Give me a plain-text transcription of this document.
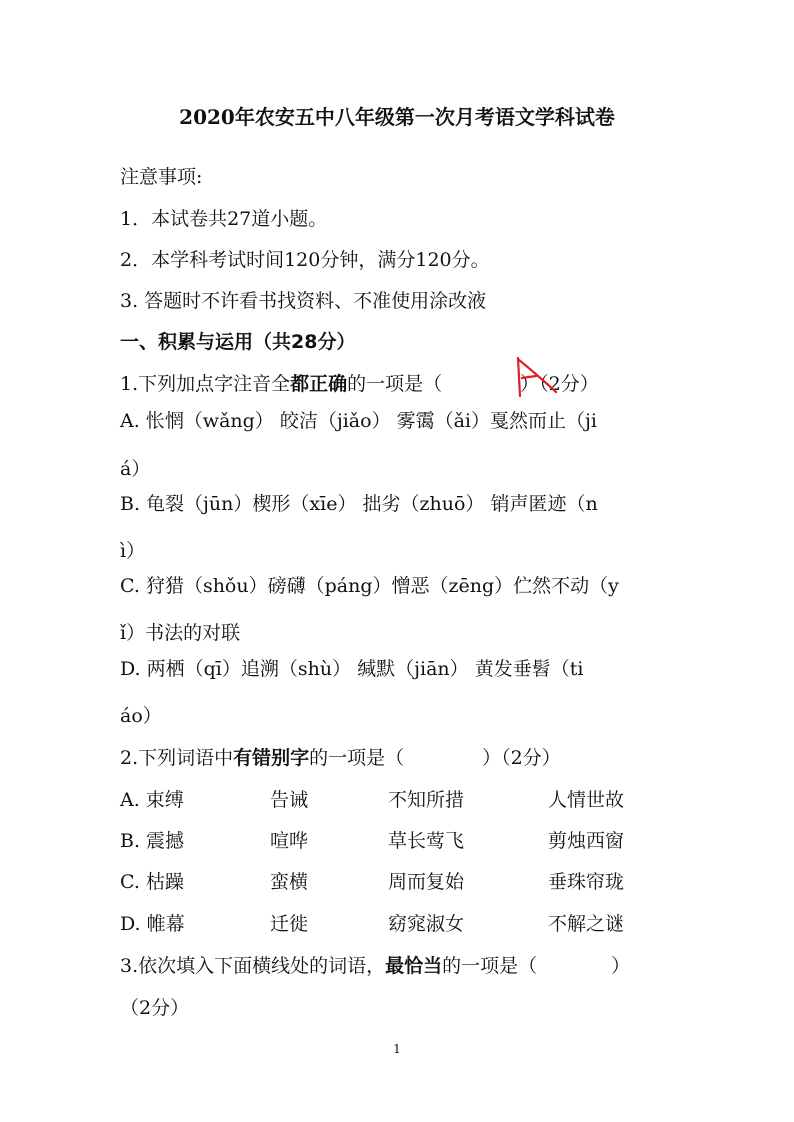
2020年农安五中八年级第一次月考语文学科试卷
注意事项:
1．本试卷共27道小题。
2．本学科考试时间120分钟，满分120分。
3. 答题时不许看书找资料、不准使用涂改液
一、积累与运用（共28分）
1.下列加点字注音全都正确的一项是（	）（2分）
A. 怅惘（wǎng） 皎洁（jiǎo） 雾霭（ǎi）戛然而止（ji
á）
B. 龟裂（jūn）楔形（xīe） 拙劣（zhuō） 销声匿迹（n
ì）
C. 狩猎（shǒu）磅礴（páng）憎恶（zēng）伫然不动（y
ǐ）书法的对联
D. 两栖（qī）追溯（shù） 缄默（jiān） 黄发垂髫（ti
áo）
2.下列词语中有错别字的一项是（	）（2分）
A. 束缚	告诫	不知所措	人情世故
B. 震撼	喧哗	草长莺飞	剪烛西窗
C. 枯躁	蛮横	周而复始	垂珠帘珑
D. 帷幕	迁徙	窈窕淑女	不解之谜
3.依次填入下面横线处的词语，最恰当的一项是（	）
（2分）
1
